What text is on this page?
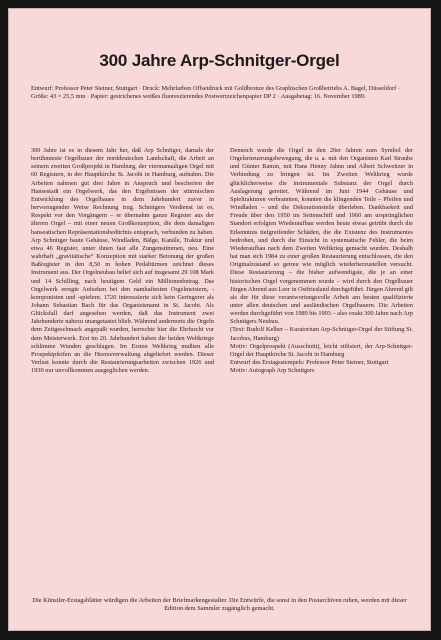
300 Jahre Arp-Schnitger-Orgel

Entwurf: Professor Peter Steiner, Stuttgart · Druck: Mehrfarben Offsetdruck mit Goldbronze des Graphischen Großbetriebs A. Bagel, Düsseldorf · Größe: 43 × 25,5 mm · Papier: gestrichenes weißes fluoreszierendes Postwertzeichenpapier DP 2 · Ausgabetag: 16. November 1989.

300 Jahre ist es in diesem Jahr her, daß Arp Schnitger, damals der berühmteste Orgelbauer der norddeutschen Landschaft, die Arbeit an seinem zweiten Großprojekt in Hamburg, der viermanualigen Orgel mit 60 Registern, in der Hauptkirche St. Jacobi in Hamburg, aufnahm. Die Arbeiten nahmen gut drei Jahre in Anspruch und bescherten der Hansestadt ein Orgelwerk, das den Ergebnissen der stürmischen Entwicklung des Orgelbaues in dem Jahrhundert zuvor in hervorragender Weise Rechnung trug. Schnitgers Verdienst ist es, Respekt vor den Vorgängern – er übernahm ganze Register aus der älteren Orgel – mit einer neuen Großkonzeption, die dem damaligen hanseatischen Repräsentationsbedürfnis entsprach, verbunden zu haben. Arp Schnitger baute Gehäuse, Windladen, Bälge, Kanäle, Traktur und etwa 46 Register, unter ihnen fast alle Zungenstimmen, neu. Eine wahrhaft „gravitätische“ Konzeption mit starker Betonung der großen Baßregister in den 8,50 m hohen Pedaltürmen zeichnet dieses Instrument aus. Der Orgelneubau belief sich auf insgesamt 29 108 Mark und 14 Schilling, nach heutigem Geld ein Millionenbetrag. Das Orgelwerk erregte Aufsehen bei den namhaftesten Orgelmeistern, -komponisten und -spielern. 1720 interessierte sich kein Geringerer als Johann Sebastian Bach für das Organistenamt in St. Jacobi. Als Glücksfall darf angesehen werden, daß das Instrument zwei Jahrhunderte nahezu unangetastet blieb. Während andernorts die Orgeln dem Zeitgeschmack angepaßt wurden, herrschte hier die Ehrfurcht vor dem Meisterwerk. Erst im 20. Jahrhundert haben die beiden Weltkriege schlimme Wunden geschlagen. Im Ersten Weltkrieg mußten alle Prospektpfeifen an die Heeresverwaltung abgeliefert werden. Dieser Verlust konnte durch die Restaurierungsarbeiten zwischen 1926 und 1930 nur unvollkommen ausgeglichen werden.

Dennoch wurde die Orgel in den 20er Jahren zum Symbol der Orgelerneuerungsbewegung, die u. a. mit den Organisten Karl Straube und Günter Ramin, mit Hans Henny Jahnn und Albert Schweitzer in Verbindung zu bringen ist. Im Zweiten Weltkrieg wurde glücklicherweise die instrumentale Substanz der Orgel durch Auslagerung gerettet. Während im Juni 1944 Gehäuse und Spieltrakturen verbrannten, konnten die klingenden Teile – Pfeifen und Windladen – und die Dekorationsteile überleben. Dankbarkeit und Freude über den 1950 im Seitenschiff und 1960 am ursprünglichen Standort erfolgten Wiederaufbau werden heute etwas getrübt durch die Erkenntnis tiefgreifender Schäden, die die Existenz des Instrumentes bedrohen, und durch die Einsicht in systematische Fehler, die beim Wiederaufbau nach dem Zweiten Weltkrieg gemacht wurden. Deshalb hat man sich 1984 zu einer großen Restaurierung entschlossen, die den Originalzustand so getreu wie möglich wiederherzustellen versucht. Diese Restaurierung – die bisher aufwendigste, die je an einer historischen Orgel vorgenommen wurde – wird durch den Orgelbauer Jürgen Ahrend aus Leer in Ostfriesland durchgeführt. Jürgen Ahrend gilt als der für diese verantwortungsvolle Arbeit am besten qualifizierte unter allen deutschen und ausländischen Orgelbauern. Die Arbeiten werden durchgeführt von 1989 bis 1993 – also exakt 300 Jahre nach Arp Schnitgers Neubau.

(Text: Rudolf Kelber – Kuratorium Arp-Schnitger-Orgel der Stiftung St. Jacobus, Hamburg)

Motiv: Orgelprospekt (Ausschnitt), leicht stilisiert, der Arp-Schnitger-Orgel der Hauptkirche St. Jacobi in Hamburg

Entwurf des Erstagsstempels: Professor Peter Steiner, Stuttgart

Motiv: Autograph Arp Schnitgers

Die Künstler-Erstagsblätter würdigen die Arbeiten der Briefmarkengestalter. Die Entwürfe, die sonst in den Postarchiven ruhen, werden mit dieser Edition dem Sammler zugänglich gemacht.
